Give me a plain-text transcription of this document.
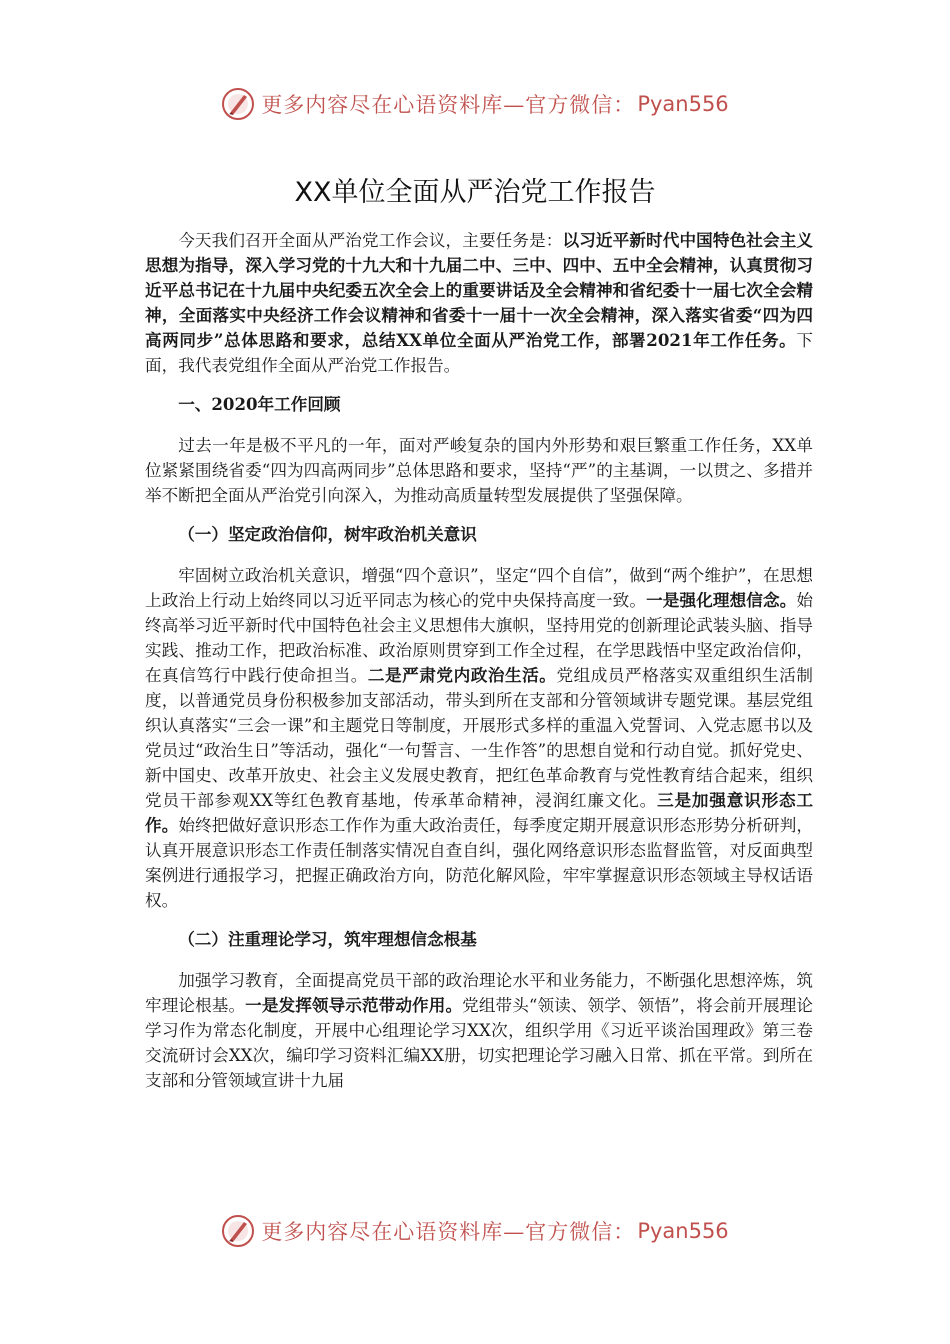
更多内容尽在心语资料库—官方微信： Pyan556
XX单位全面从严治党工作报告

今天我们召开全面从严治党工作会议，主要任务是：以习近平新时代中国特色社会主义思想为指导，深入学习党的十九大和十九届二中、三中、四中、五中全会精神，认真贯彻习近平总书记在十九届中央纪委五次全会上的重要讲话及全会精神和省纪委十一届七次全会精神，全面落实中央经济工作会议精神和省委十一届十一次全会精神，深入落实省委“四为四高两同步”总体思路和要求，总结XX单位全面从严治党工作，部署2021年工作任务。下面，我代表党组作全面从严治党工作报告。

一、2020年工作回顾

过去一年是极不平凡的一年，面对严峻复杂的国内外形势和艰巨繁重工作任务，XX单位紧紧围绕省委“四为四高两同步”总体思路和要求，坚持“严”的主基调，一以贯之、多措并举不断把全面从严治党引向深入，为推动高质量转型发展提供了坚强保障。

（一）坚定政治信仰，树牢政治机关意识

牢固树立政治机关意识，增强“四个意识”，坚定“四个自信”，做到“两个维护”，在思想上政治上行动上始终同以习近平同志为核心的党中央保持高度一致。一是强化理想信念。始终高举习近平新时代中国特色社会主义思想伟大旗帜，坚持用党的创新理论武装头脑、指导实践、推动工作，把政治标准、政治原则贯穿到工作全过程，在学思践悟中坚定政治信仰，在真信笃行中践行使命担当。二是严肃党内政治生活。党组成员严格落实双重组织生活制度，以普通党员身份积极参加支部活动，带头到所在支部和分管领域讲专题党课。基层党组织认真落实“三会一课”和主题党日等制度，开展形式多样的重温入党誓词、入党志愿书以及党员过“政治生日”等活动，强化“一句誓言、一生作答”的思想自觉和行动自觉。抓好党史、新中国史、改革开放史、社会主义发展史教育，把红色革命教育与党性教育结合起来，组织党员干部参观XX等红色教育基地，传承革命精神，浸润红廉文化。三是加强意识形态工作。始终把做好意识形态工作作为重大政治责任，每季度定期开展意识形态形势分析研判，认真开展意识形态工作责任制落实情况自查自纠，强化网络意识形态监督监管，对反面典型案例进行通报学习，把握正确政治方向，防范化解风险，牢牢掌握意识形态领域主导权话语权。

（二）注重理论学习，筑牢理想信念根基

加强学习教育，全面提高党员干部的政治理论水平和业务能力，不断强化思想淬炼，筑牢理论根基。一是发挥领导示范带动作用。党组带头“领读、领学、领悟”，将会前开展理论学习作为常态化制度，开展中心组理论学习XX次，组织学用《习近平谈治国理政》第三卷交流研讨会XX次，编印学习资料汇编XX册，切实把理论学习融入日常、抓在平常。到所在支部和分管领域宣讲十九届

更多内容尽在心语资料库—官方微信： Pyan556
